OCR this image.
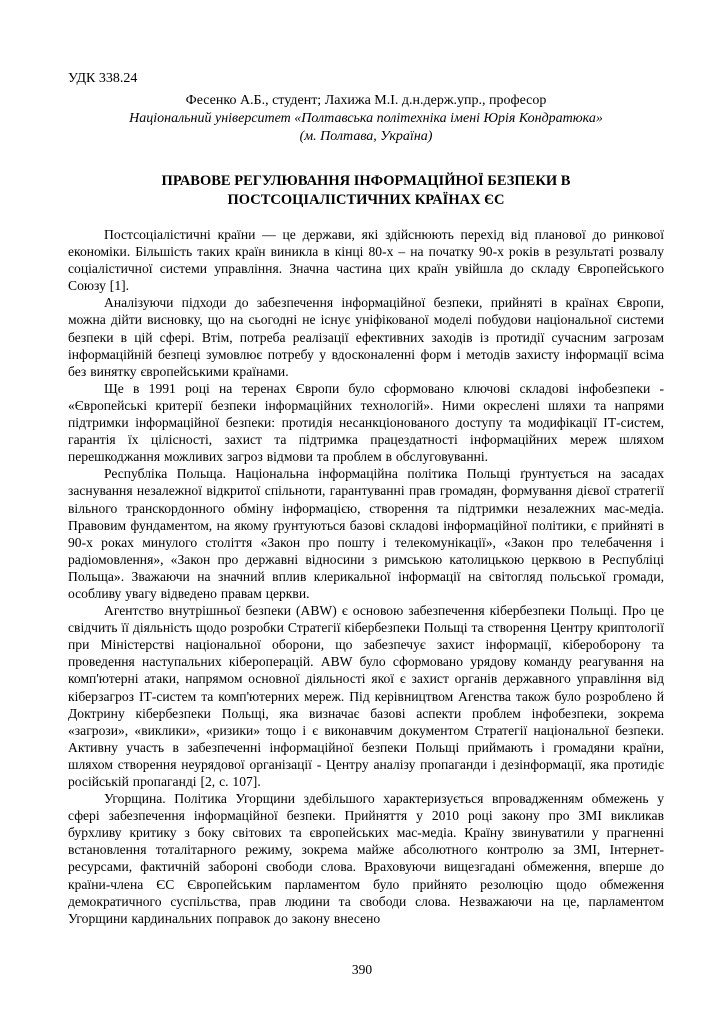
УДК 338.24
Фесенко А.Б., студент; Лахижа М.І. д.н.держ.упр., професор
Національний університет «Полтавська політехніка імені Юрія Кондратюка»
(м. Полтава, Україна)
ПРАВОВЕ РЕГУЛЮВАННЯ ІНФОРМАЦІЙНОЇ БЕЗПЕКИ В ПОСТСОЦІАЛІСТИЧНИХ КРАЇНАХ ЄС

Постсоціалістичні країни — це держави, які здійснюють перехід від планової до ринкової економіки. Більшість таких країн виникла в кінці 80-х – на початку 90-х років в результаті розвалу соціалістичної системи управління. Значна частина цих країн увійшла до складу Європейського Союзу [1].

Аналізуючи підходи до забезпечення інформаційної безпеки, прийняті в країнах Європи, можна дійти висновку, що на сьогодні не існує уніфікованої моделі побудови національної системи безпеки в цій сфері. Втім, потреба реалізації ефективних заходів із протидії сучасним загрозам інформаційній безпеці зумовлює потребу у вдосконаленні форм і методів захисту інформації всіма без винятку європейськими країнами.

Ще в 1991 році на теренах Європи було сформовано ключові складові інфобезпеки - «Європейські критерії безпеки інформаційних технологій». Ними окреслені шляхи та напрями підтримки інформаційної безпеки: протидія несанкціонованого доступу та модифікації ІТ-систем, гарантія їх цілісності, захист та підтримка працездатності інформаційних мереж шляхом перешкоджання можливих загроз відмови та проблем в обслуговуванні.

Республіка Польща. Національна інформаційна політика Польщі ґрунтується на засадах заснування незалежної відкритої спільноти, гарантуванні прав громадян, формування дієвої стратегії вільного транскордонного обміну інформацією, створення та підтримки незалежних мас-медіа. Правовим фундаментом, на якому ґрунтуються базові складові інформаційної політики, є прийняті в 90-х роках минулого століття «Закон про пошту і телекомунікації», «Закон про телебачення і радіомовлення», «Закон про державні відносини з римською католицькою церквою в Республіці Польща». Зважаючи на значний вплив клерикальної інформації на світогляд польської громади, особливу увагу відведено правам церкви.

Агентство внутрішньої безпеки (ABW) є основою забезпечення кібербезпеки Польщі. Про це свідчить її діяльність щодо розробки Стратегії кібербезпеки Польщі та створення Центру криптології при Міністерстві національної оборони, що забезпечує захист інформації, кібероборону та проведення наступальних кібероперацій. ABW було сформовано урядову команду реагування на комп'ютерні атаки, напрямом основної діяльності якої є захист органів державного управління від кіберзагроз ІТ-систем та комп'ютерних мереж. Під керівництвом Агенства також було розроблено й Доктрину кібербезпеки Польщі, яка визначає базові аспекти проблем інфобезпеки, зокрема «загрози», «виклики», «ризики» тощо і є виконавчим документом Стратегії національної безпеки. Активну участь в забезпеченні інформаційної безпеки Польщі приймають і громадяни країни, шляхом створення неурядової організації - Центру аналізу пропаганди і дезінформації, яка протидіє російській пропаганді [2, с. 107].

Угорщина. Політика Угорщини здебільшого характеризується впровадженням обмежень у сфері забезпечення інформаційної безпеки. Прийняття у 2010 році закону про ЗМІ викликав бурхливу критику з боку світових та європейських мас-медіа. Країну звинуватили у прагненні встановлення тоталітарного режиму, зокрема майже абсолютного контролю за ЗМІ, Інтернет-ресурсами, фактичній забороні свободи слова. Враховуючи вищезгадані обмеження, вперше до країни-члена ЄС Європейським парламентом було прийнято резолюцію щодо обмеження демократичного суспільства, прав людини та свободи слова. Незважаючи на це, парламентом Угорщини кардинальних поправок до закону внесено

390
